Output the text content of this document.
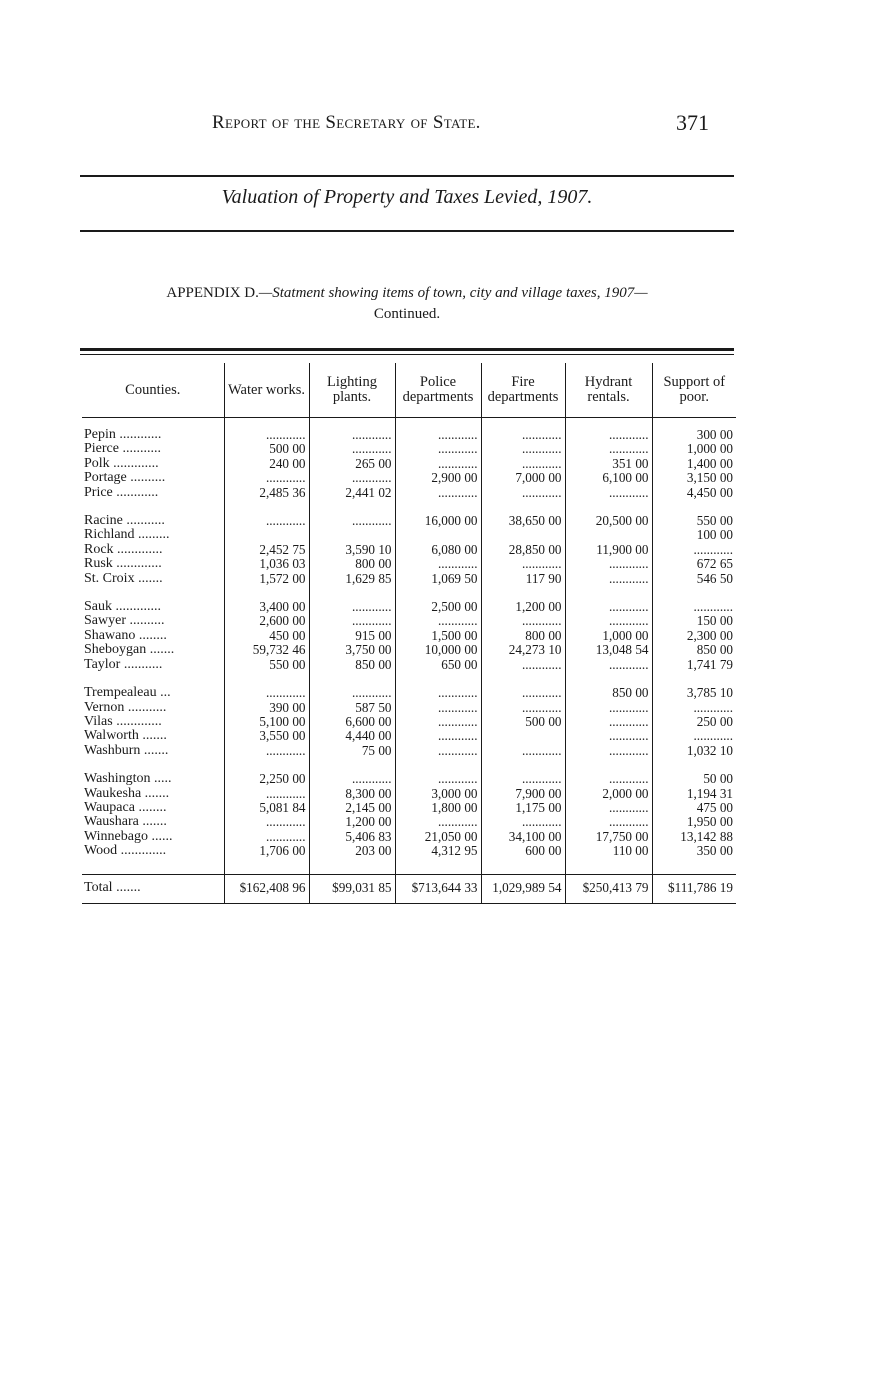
Report of the Secretary of State.	371
Valuation of Property and Taxes Levied, 1907.
APPENDIX D.—Statment showing items of town, city and village taxes, 1907—
Continued.
Counties.	Water works.	Lighting plants.	Police departments	Fire departments	Hydrant rentals.	Support of poor.

Pepin ............	............	............	............	............	............	300 00
Pierce ...........	500 00	............	............	............	............	1,000 00
Polk .............	240 00	265 00	............	............	351 00	1,400 00
Portage ..........	............	............	2,900 00	7,000 00	6,100 00	3,150 00
Price ............	2,485 36	2,441 02	............	............	............	4,450 00

Racine ...........	............	............	16,000 00	38,650 00	20,500 00	550 00
Richland .........						100 00
Rock .............	2,452 75	3,590 10	6,080 00	28,850 00	11,900 00	............
Rusk .............	1,036 03	800 00	............	............	............	672 65
St. Croix .......	1,572 00	1,629 85	1,069 50	117 90	............	546 50

Sauk .............	3,400 00	............	2,500 00	1,200 00	............	............
Sawyer ..........	2,600 00	............	............	............	............	150 00
Shawano ........	450 00	915 00	1,500 00	800 00	1,000 00	2,300 00
Sheboygan .......	59,732 46	3,750 00	10,000 00	24,273 10	13,048 54	850 00
Taylor ...........	550 00	850 00	650 00	............	............	1,741 79

Trempealeau ...	............	............	............	............	850 00	3,785 10
Vernon ...........	390 00	587 50	............	............	............	............
Vilas .............	5,100 00	6,600 00	............	500 00	............	250 00
Walworth .......	3,550 00	4,440 00	............		............	............
Washburn .......	............	75 00	............	............	............	1,032 10

Washington .....	2,250 00	............	............	............	............	50 00
Waukesha .......	............	8,300 00	3,000 00	7,900 00	2,000 00	1,194 31
Waupaca ........	5,081 84	2,145 00	1,800 00	1,175 00	............	475 00
Waushara .......	............	1,200 00	............	............	............	1,950 00
Winnebago ......	............	5,406 83	21,050 00	34,100 00	17,750 00	13,142 88
Wood .............	1,706 00	203 00	4,312 95	600 00	110 00	350 00

Total .......	$162,408 96	$99,031 85	$713,644 33	1,029,989 54	$250,413 79	$111,786 19
